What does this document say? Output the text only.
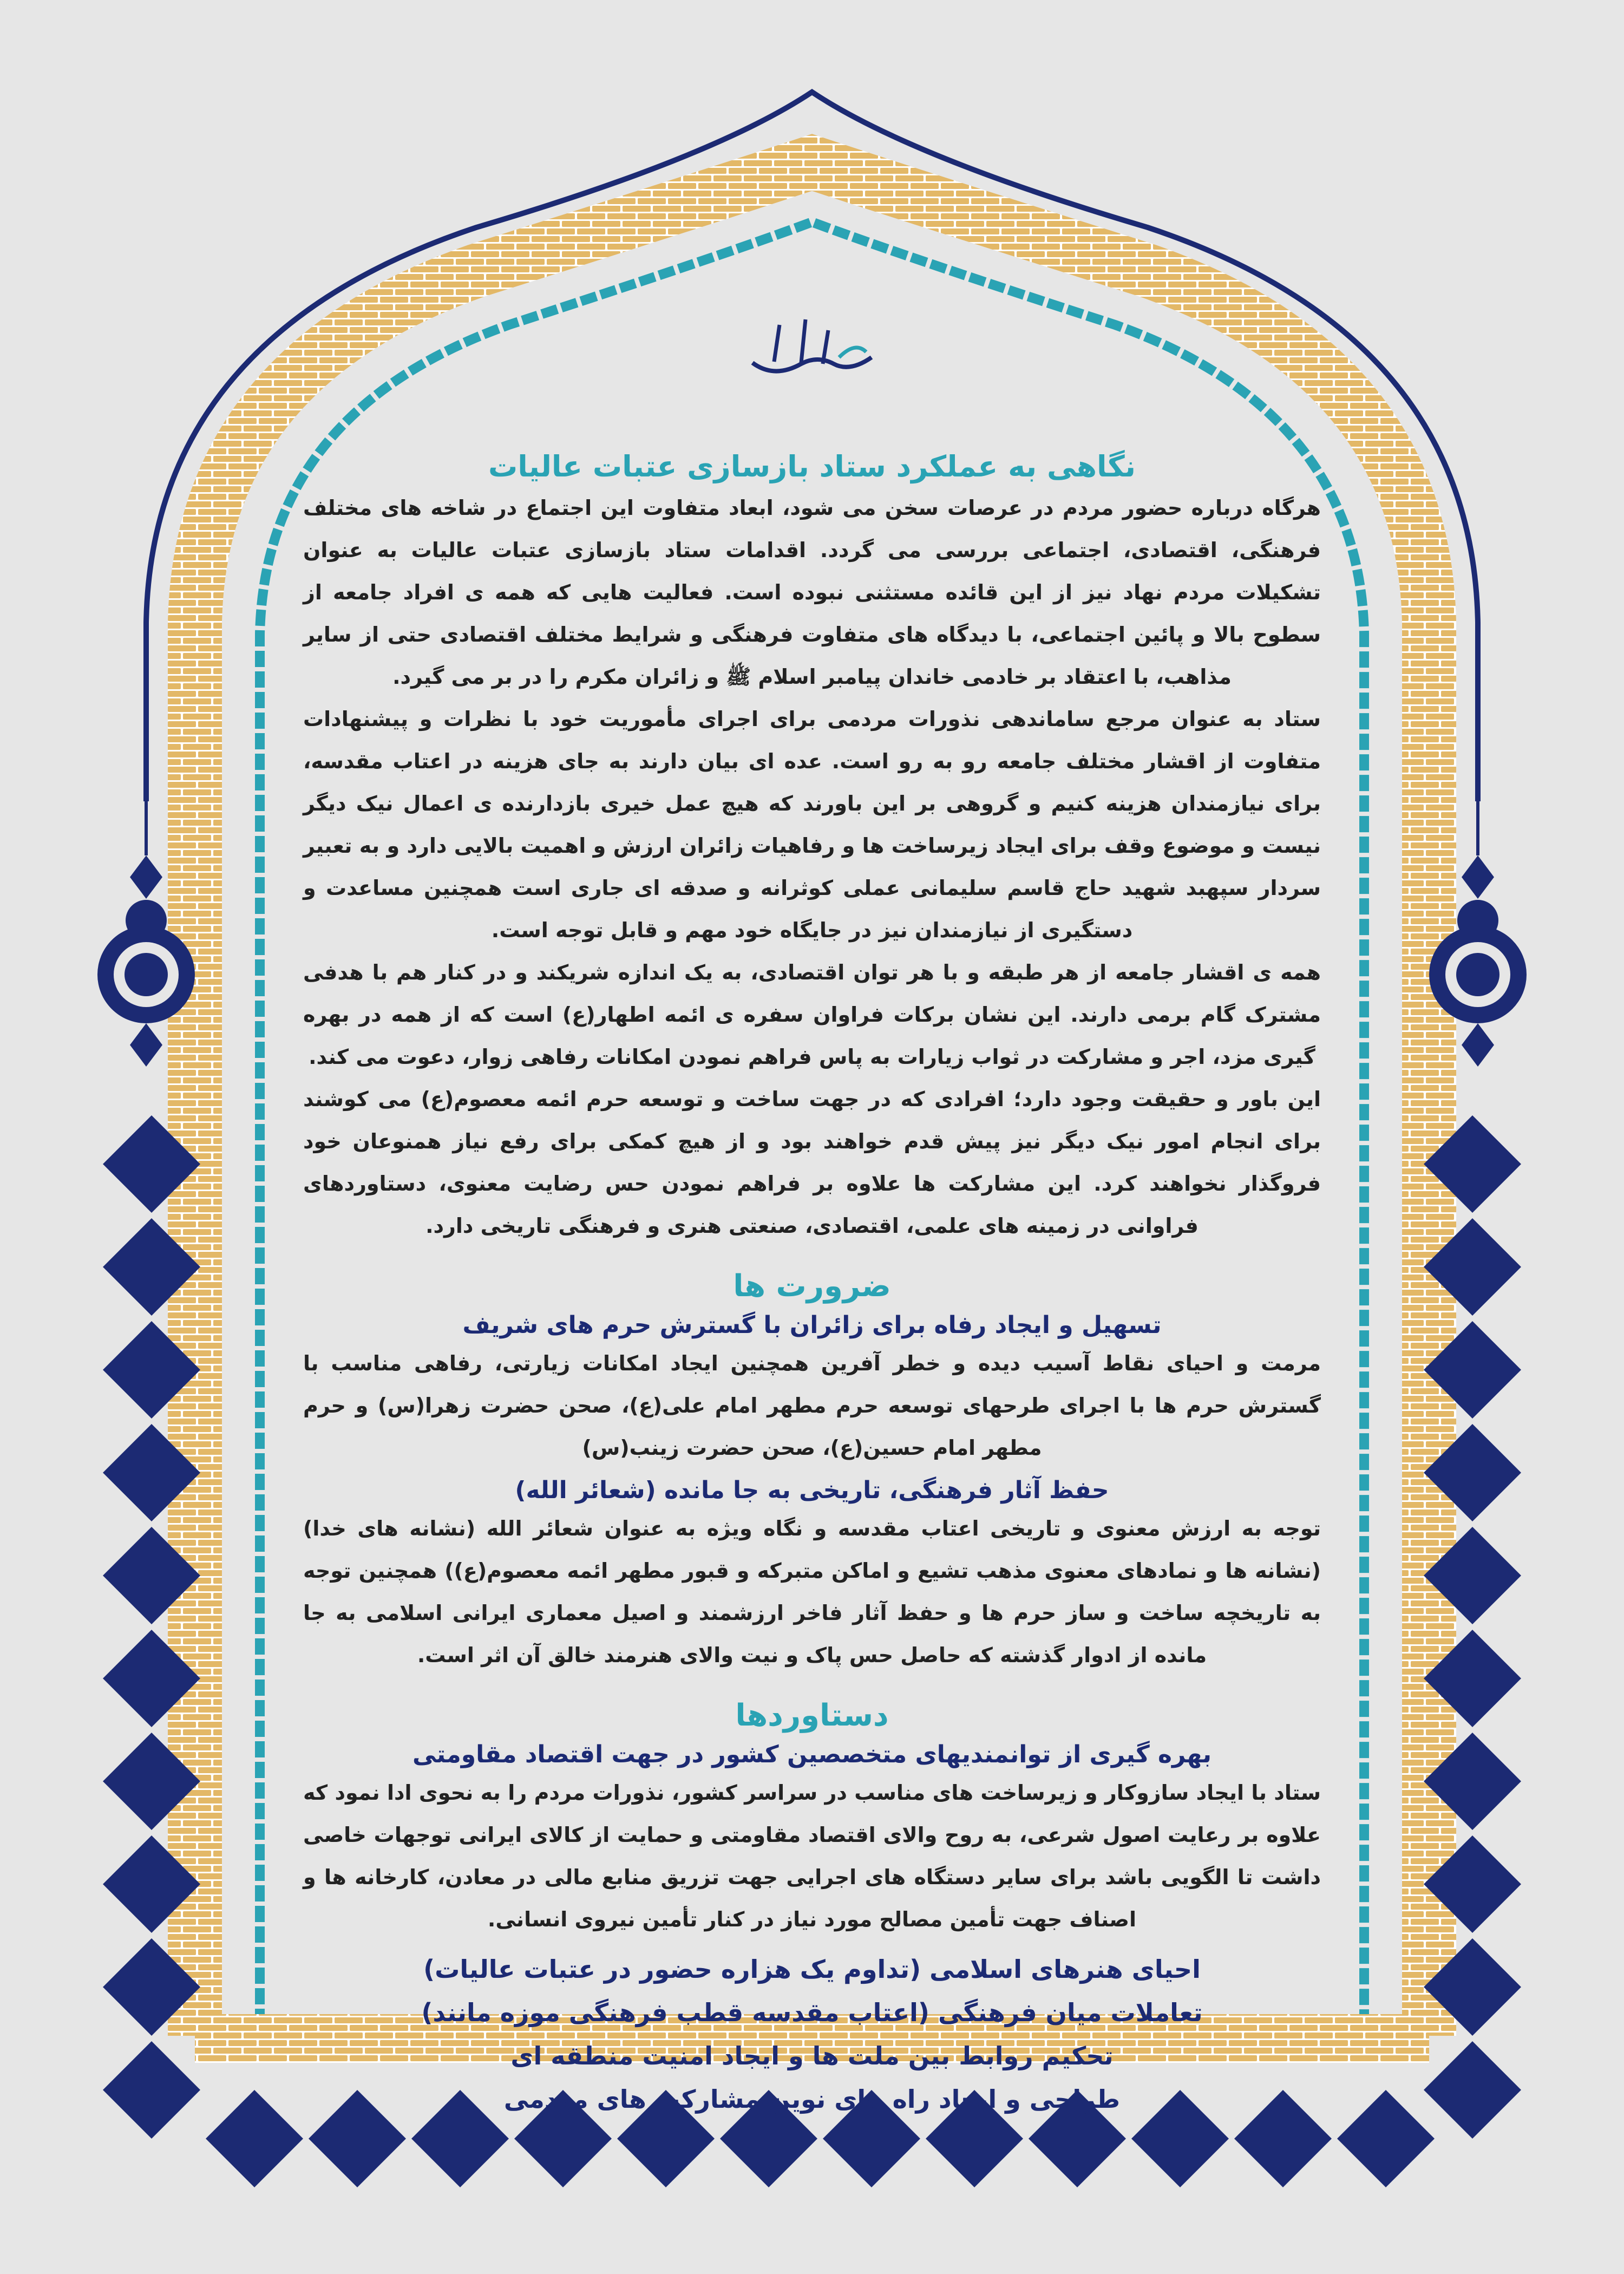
نگاهی به عملکرد ستاد بازسازی عتبات عالیات

هرگاه درباره حضور مردم در عرصات سخن می شود، ابعاد متفاوت این اجتماع در شاخه های مختلف فرهنگی، اقتصادی، اجتماعی بررسی می گردد. اقدامات ستاد بازسازی عتبات عالیات به عنوان تشکیلات مردم نهاد نیز از این قائده مستثنی نبوده است. فعالیت هایی که همه ی افراد جامعه از سطوح بالا و پائین اجتماعی، با دیدگاه های متفاوت فرهنگی و شرایط مختلف اقتصادی حتی از سایر مذاهب، با اعتقاد بر خادمی خاندان پیامبر اسلام ﷺ و زائران مکرم را در بر می گیرد.

ستاد به عنوان مرجع ساماندهی نذورات مردمی برای اجرای مأموریت خود با نظرات و پیشنهادات متفاوت از اقشار مختلف جامعه رو به رو است. عده ای بیان دارند به جای هزینه در اعتاب مقدسه، برای نیازمندان هزینه کنیم و گروهی بر این باورند که هیچ عمل خیری بازدارنده ی اعمال نیک دیگر نیست و موضوع وقف برای ایجاد زیرساخت ها و رفاهیات زائران ارزش و اهمیت بالایی دارد و به تعبیر سردار سپهبد شهید حاج قاسم سلیمانی عملی کوثرانه و صدقه ای جاری است همچنین مساعدت و دستگیری از نیازمندان نیز در جایگاه خود مهم و قابل توجه است.

همه ی اقشار جامعه از هر طبقه و با هر توان اقتصادی، به یک اندازه شریکند و در کنار هم با هدفی مشترک گام برمی دارند. این نشان برکات فراوان سفره ی ائمه اطهار(ع) است که از همه در بهره گیری مزد، اجر و مشارکت در ثواب زیارات به پاس فراهم نمودن امکانات رفاهی زوار، دعوت می کند.

این باور و حقیقت وجود دارد؛ افرادی که در جهت ساخت و توسعه حرم ائمه معصوم(ع) می کوشند برای انجام امور نیک دیگر نیز پیش قدم خواهند بود و از هیچ کمکی برای رفع نیاز همنوعان خود فروگذار نخواهند کرد. این مشارکت ها علاوه بر فراهم نمودن حس رضایت معنوی، دستاوردهای فراوانی در زمینه های علمی، اقتصادی، صنعتی هنری و فرهنگی تاریخی دارد.

ضرورت ها
تسهیل و ایجاد رفاه برای زائران با گسترش حرم های شریف

مرمت و احیای نقاط آسیب دیده و خطر آفرین همچنین ایجاد امکانات زیارتی، رفاهی مناسب با گسترش حرم ها با اجرای طرحهای توسعه حرم مطهر امام علی(ع)، صحن حضرت زهرا(س) و حرم مطهر امام حسین(ع)، صحن حضرت زینب(س)

حفظ آثار فرهنگی، تاریخی به جا مانده (شعائر الله)

توجه به ارزش معنوی و تاریخی اعتاب مقدسه و نگاه ویژه به عنوان شعائر الله (نشانه های خدا) (نشانه ها و نمادهای معنوی مذهب تشیع و اماکن متبرکه و قبور مطهر ائمه معصوم(ع)) همچنین توجه به تاریخچه ساخت و ساز حرم ها و حفظ آثار فاخر ارزشمند و اصیل معماری ایرانی اسلامی به جا مانده از ادوار گذشته که حاصل حس پاک و نیت والای هنرمند خالق آن اثر است.

دستاوردها
بهره گیری از توانمندیهای متخصصین کشور در جهت اقتصاد مقاومتی

ستاد با ایجاد سازوکار و زیرساخت های مناسب در سراسر کشور، نذورات مردم را به نحوی ادا نمود که علاوه بر رعایت اصول شرعی، به روح والای اقتصاد مقاومتی و حمایت از کالای ایرانی توجهات خاصی داشت تا الگویی باشد برای سایر دستگاه های اجرایی جهت تزریق منابع مالی در معادن، کارخانه ها و اصناف جهت تأمین مصالح مورد نیاز در کنار تأمین نیروی انسانی.

احیای هنرهای اسلامی (تداوم یک هزاره حضور در عتبات عالیات)
تعاملات میان فرهنگی (اعتاب مقدسه قطب فرهنگی موزه مانند)
تحکیم روابط بین ملت ها و ایجاد امنیت منطقه ای
طراحی و ایجاد راه های نوین مشارکت های مردمی
